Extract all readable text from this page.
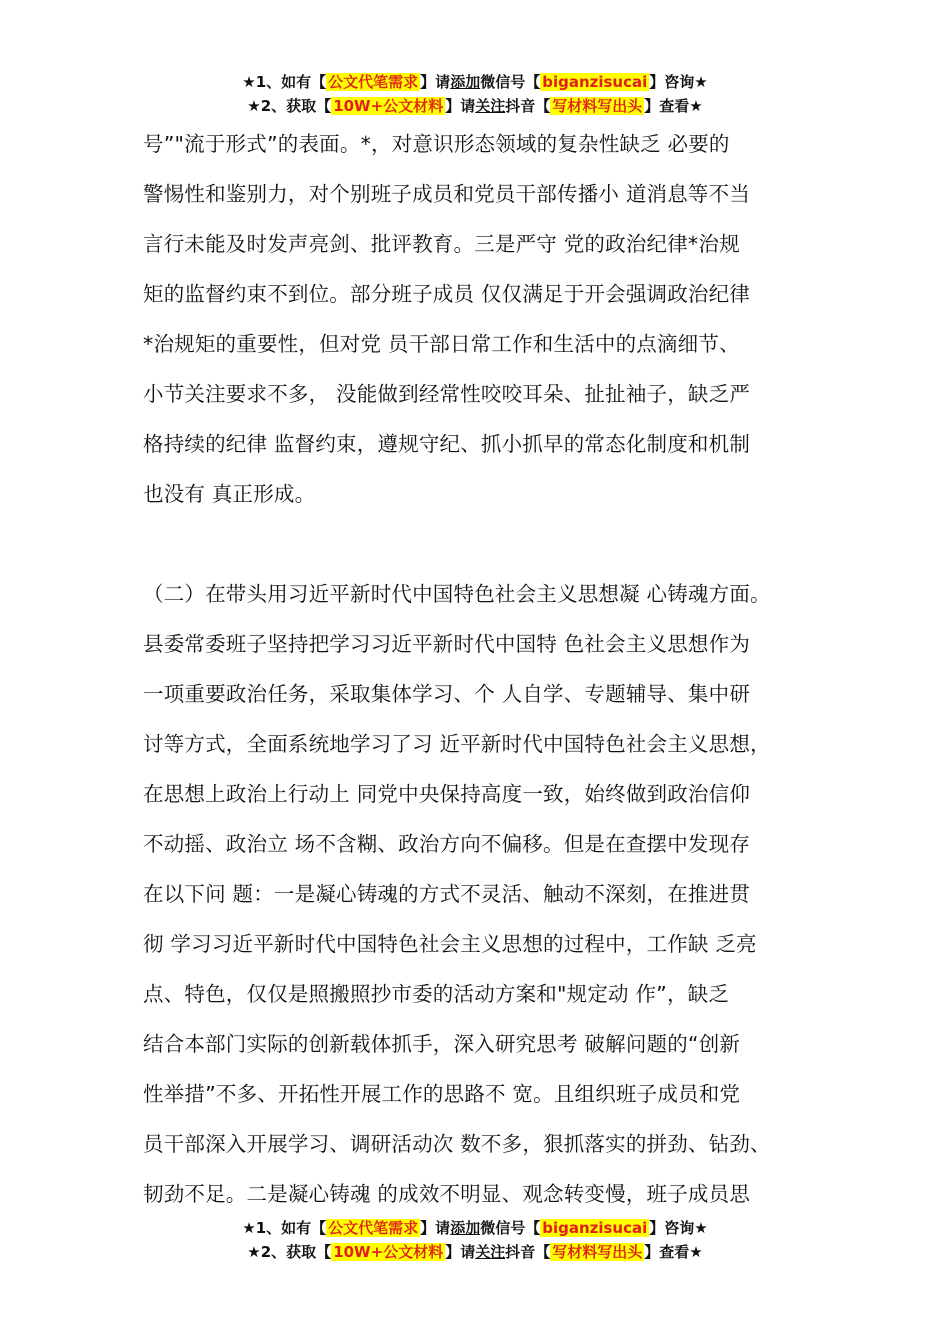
★1、如有【 公文代笔需求 】请添加微信号【 biganzisucai 】咨询★
★2、获取【 10W+公文材料 】请关注抖音【 写材料写出头 】查看★
号”"流于形式”的表面。*，对意识形态领域的复杂性缺乏 必要的
警惕性和鉴别力，对个别班子成员和党员干部传播小 道消息等不当
言行未能及时发声亮剑、批评教育。三是严守 党的政治纪律*治规
矩的监督约束不到位。部分班子成员 仅仅满足于开会强调政治纪律
*治规矩的重要性，但对党 员干部日常工作和生活中的点滴细节、
小节关注要求不多， 没能做到经常性咬咬耳朵、扯扯袖子，缺乏严
格持续的纪律 监督约束，遵规守纪、抓小抓早的常态化制度和机制
也没有 真正形成。
（二）在带头用习近平新时代中国特色社会主义思想凝 心铸魂方面。
县委常委班子坚持把学习习近平新时代中国特 色社会主义思想作为
一项重要政治任务，采取集体学习、个 人自学、专题辅导、集中研
讨等方式，全面系统地学习了习 近平新时代中国特色社会主义思想，
在思想上政治上行动上 同党中央保持高度一致，始终做到政治信仰
不动摇、政治立 场不含糊、政治方向不偏移。但是在查摆中发现存
在以下问 题：一是凝心铸魂的方式不灵活、触动不深刻，在推进贯
彻 学习习近平新时代中国特色社会主义思想的过程中，工作缺 乏亮
点、特色，仅仅是照搬照抄市委的活动方案和"规定动 作”，缺乏
结合本部门实际的创新载体抓手，深入研究思考 破解问题的“创新
性举措”不多、开拓性开展工作的思路不 宽。且组织班子成员和党
员干部深入开展学习、调研活动次 数不多，狠抓落实的拼劲、钻劲、
韧劲不足。二是凝心铸魂 的成效不明显、观念转变慢，班子成员思
★1、如有【 公文代笔需求 】请添加微信号【 biganzisucai 】咨询★
★2、获取【 10W+公文材料 】请关注抖音【 写材料写出头 】查看★
